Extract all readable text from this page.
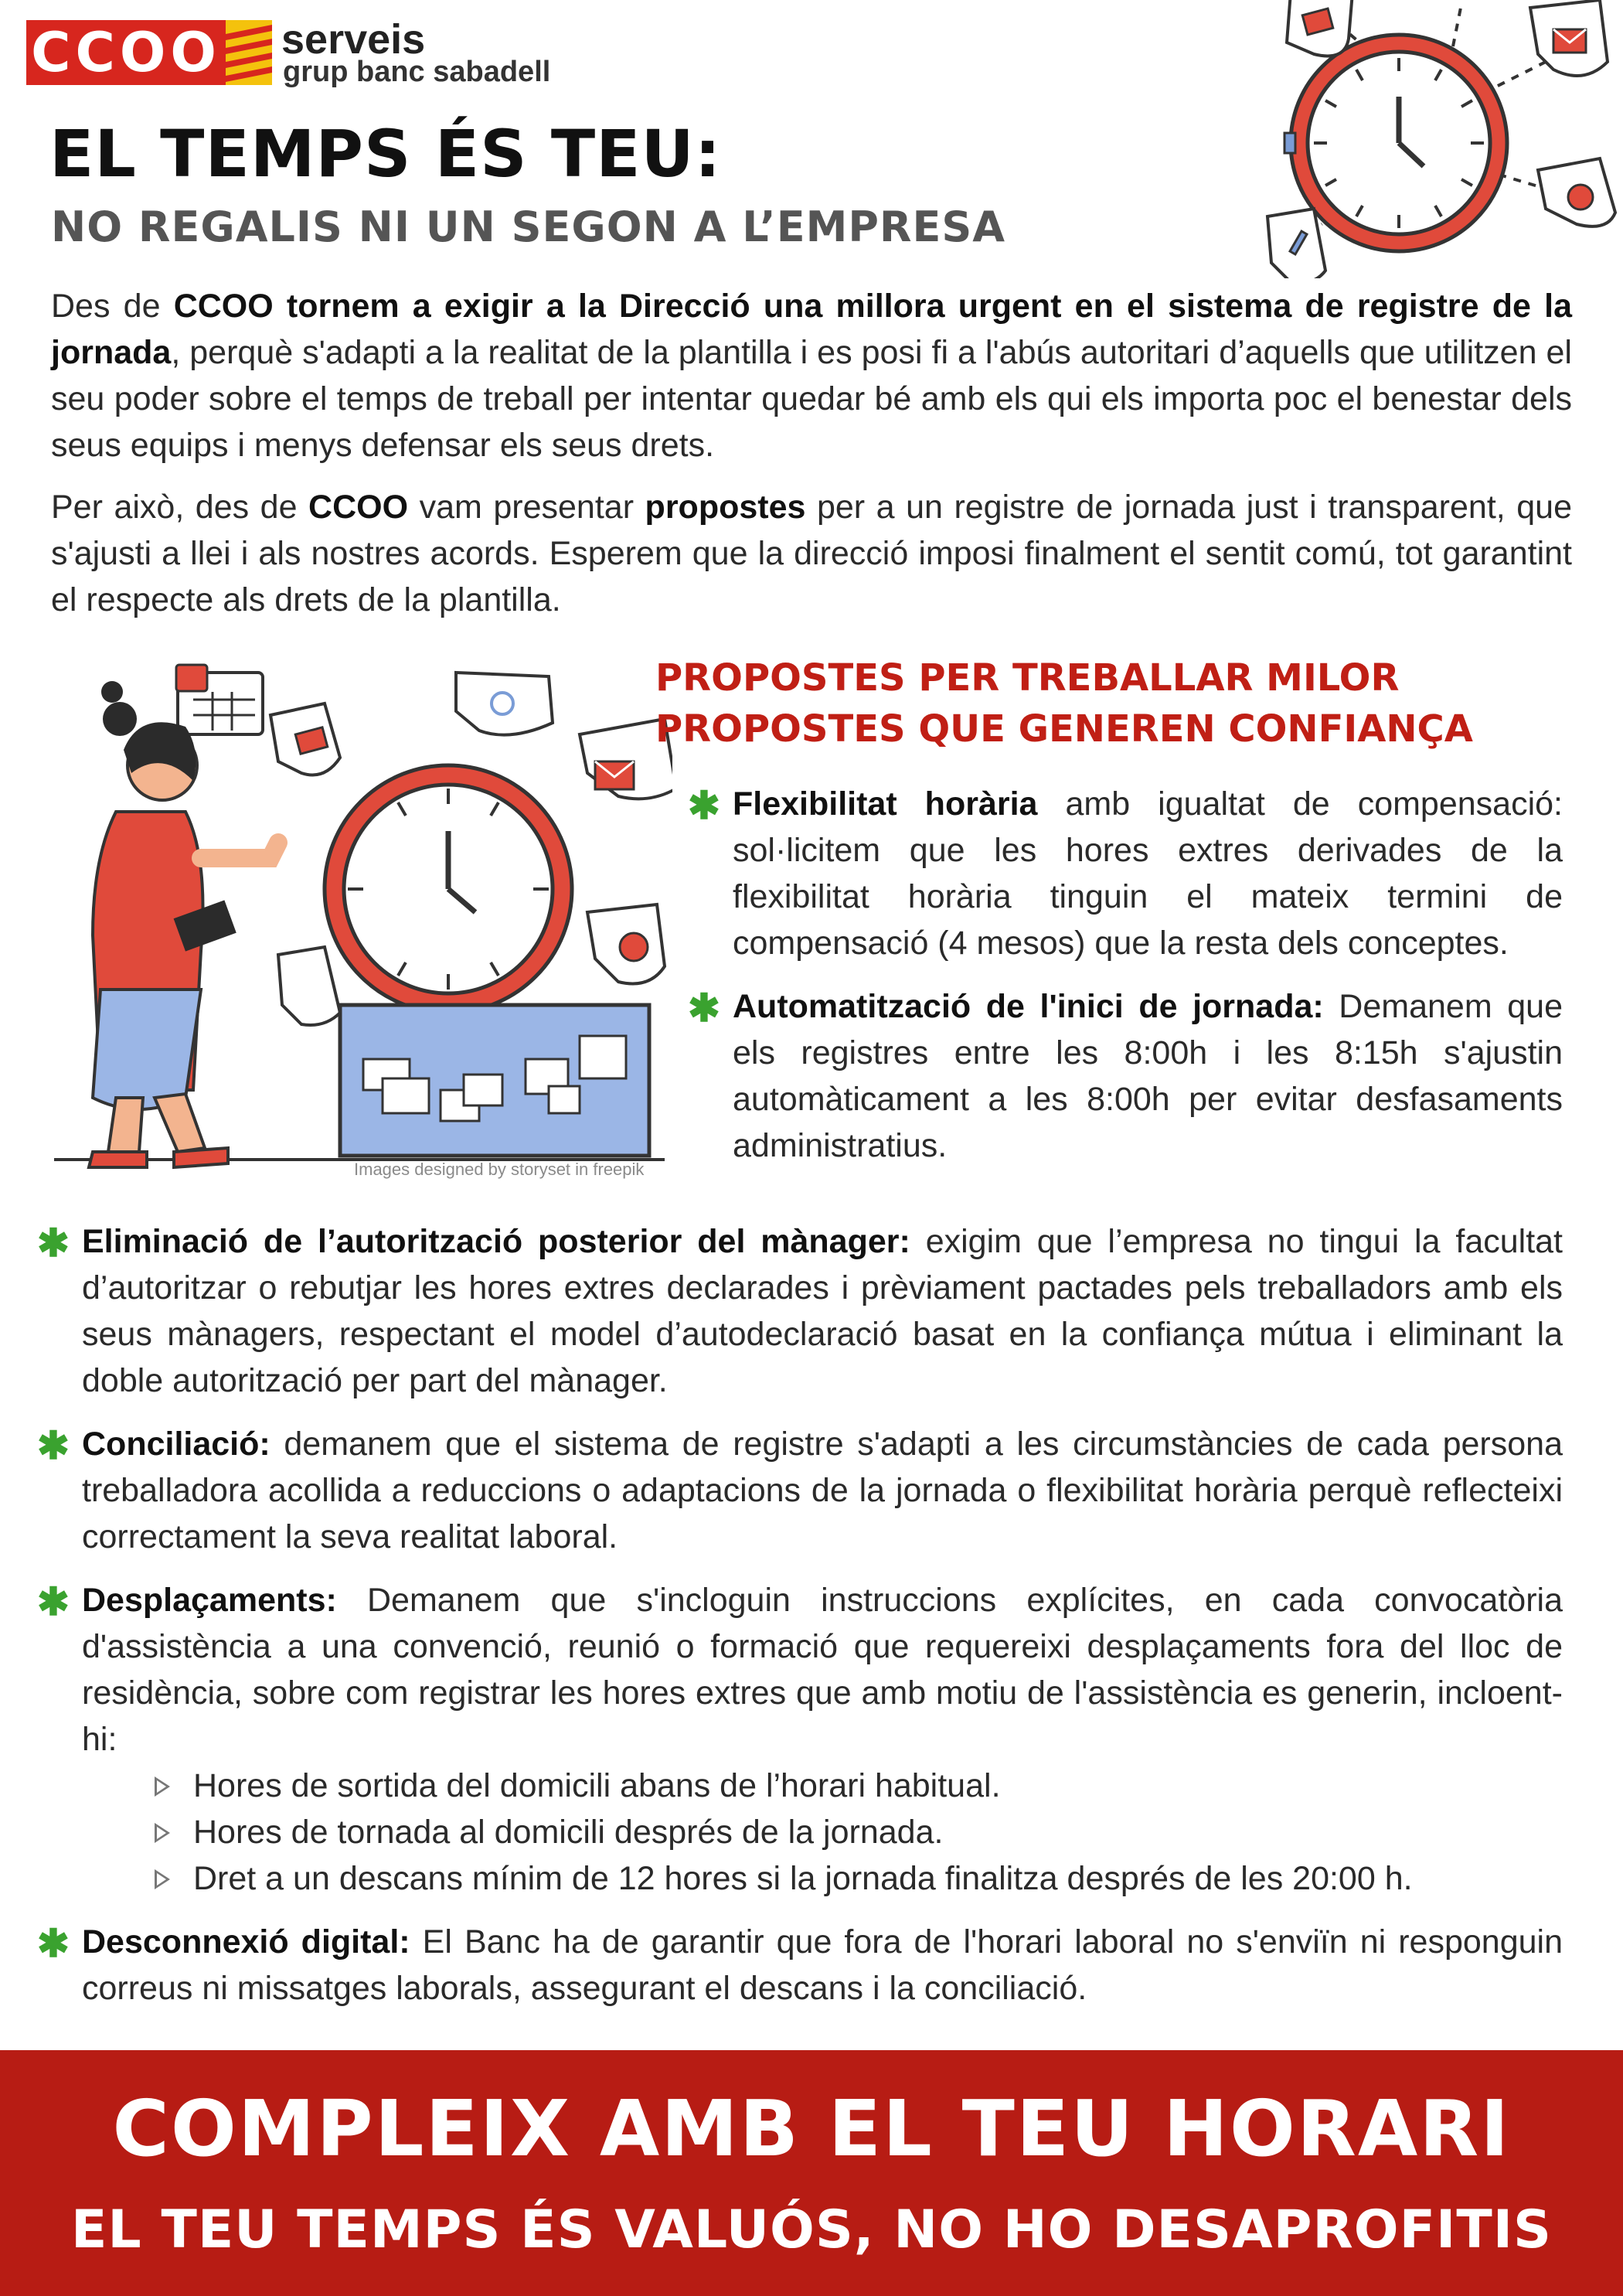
CCOO serveis
grup banc sabadell
EL TEMPS ÉS TEU:
NO REGALIS NI UN SEGON A L’EMPRESA
Des de CCOO tornem a exigir a la Direcció una millora urgent en el sistema de registre de la jornada, perquè s'adapti a la realitat de la plantilla i es posi fi a l'abús autoritari d’aquells que utilitzen el seu poder sobre el temps de treball per intentar quedar bé amb els qui els importa poc el benestar dels seus equips i menys defensar els seus drets.
Per això, des de CCOO vam presentar propostes per a un registre de jornada just i transparent, que s'ajusti a llei i als nostres acords. Esperem que la direcció imposi finalment el sentit comú, tot garantint el respecte als drets de la plantilla.
Images designed by storyset in freepik
PROPOSTES PER TREBALLAR MILOR
PROPOSTES QUE GENEREN CONFIANÇA
✱ Flexibilitat horària amb igualtat de compensació: sol·licitem que les hores extres derivades de la flexibilitat horària tinguin el mateix termini de compensació (4 mesos) que la resta dels conceptes.
✱ Automatització de l'inici de jornada: Demanem que els registres entre les 8:00h i les 8:15h s'ajustin automàticament a les 8:00h per evitar desfasaments administratius.
✱ Eliminació de l’autorització posterior del mànager: exigim que l’empresa no tingui la facultat d’autoritzar o rebutjar les hores extres declarades i prèviament pactades pels treballadors amb els seus mànagers, respectant el model d’autodeclaració basat en la confiança mútua i eliminant la doble autorització per part del mànager.
✱ Conciliació: demanem que el sistema de registre s'adapti a les circumstàncies de cada persona treballadora acollida a reduccions o adaptacions de la jornada o flexibilitat horària perquè reflecteixi correctament la seva realitat laboral.
✱ Desplaçaments: Demanem que s'incloguin instruccions explícites, en cada convocatòria d'assistència a una convenció, reunió o formació que requereixi desplaçaments fora del lloc de residència, sobre com registrar les hores extres que amb motiu de l'assistència es generin, incloent-hi:
Hores de sortida del domicili abans de l’horari habitual.
Hores de tornada al domicili després de la jornada.
Dret a un descans mínim de 12 hores si la jornada finalitza després de les 20:00 h.
✱ Desconnexió digital: El Banc ha de garantir que fora de l'horari laboral no s'enviïn ni responguin correus ni missatges laborals, assegurant el descans i la conciliació.
COMPLEIX AMB EL TEU HORARI
EL TEU TEMPS ÉS VALUÓS, NO HO DESAPROFITIS
